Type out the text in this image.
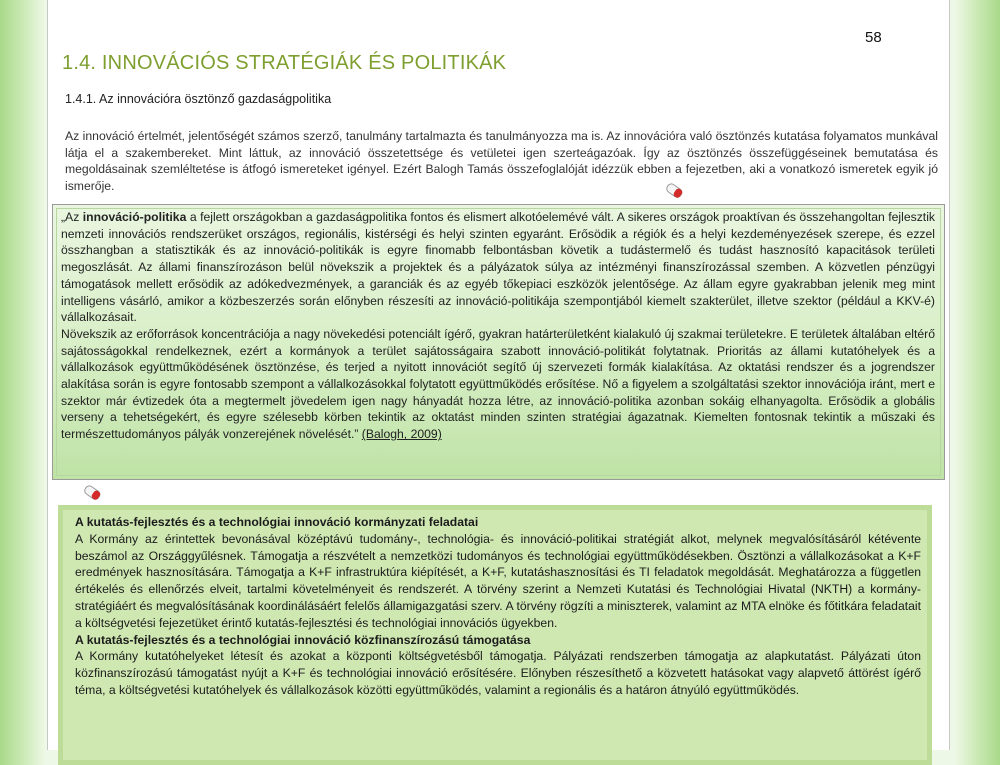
58
1.4. INNOVÁCIÓS STRATÉGIÁK ÉS POLITIKÁK
1.4.1. Az innovációra ösztönző gazdaságpolitika

Az innováció értelmét, jelentőségét számos szerző, tanulmány tartalmazta és tanulmányozza ma is. Az innovációra való ösztönzés kutatása folyamatos munkával látja el a szakembereket. Mint láttuk, az innováció összetettsége és vetületei igen szerteágazóak. Így az ösztönzés összefüggéseinek bemutatása és megoldásainak szemléltetése is átfogó ismereteket igényel. Ezért Balogh Tamás összefoglalóját idézzük ebben a fejezetben, aki a vonatkozó ismeretek egyik jó ismerője.

„Az innováció-politika a fejlett országokban a gazdaságpolitika fontos és elismert alkotóelemévé vált. A sikeres országok proaktívan és összehangoltan fejlesztik nemzeti innovációs rendszerüket országos, regionális, kistérségi és helyi szinten egyaránt. Erősödik a régiók és a helyi kezdeményezések szerepe, és ezzel összhangban a statisztikák és az innováció-politikák is egyre finomabb felbontásban követik a tudástermelő és tudást hasznosító kapacitások területi megoszlását. Az állami finanszírozáson belül növekszik a projektek és a pályázatok súlya az intézményi finanszírozással szemben. A közvetlen pénzügyi támogatások mellett erősödik az adókedvezmények, a garanciák és az egyéb tőkepiaci eszközök jelentősége. Az állam egyre gyakrabban jelenik meg mint intelligens vásárló, amikor a közbeszerzés során előnyben részesíti az innováció-politikája szempontjából kiemelt szakterület, illetve szektor (például a KKV-é) vállalkozásait.

Növekszik az erőforrások koncentrációja a nagy növekedési potenciált ígérő, gyakran határterületként kialakuló új szakmai területekre. E területek általában eltérő sajátosságokkal rendelkeznek, ezért a kormányok a terület sajátosságaira szabott innováció-politikát folytatnak. Prioritás az állami kutatóhelyek és a vállalkozások együttműködésének ösztönzése, és terjed a nyitott innovációt segítő új szervezeti formák kialakítása. Az oktatási rendszer és a jogrendszer alakítása során is egyre fontosabb szempont a vállalkozásokkal folytatott együttműködés erősítése. Nő a figyelem a szolgáltatási szektor innovációja iránt, mert e szektor már évtizedek óta a megtermelt jövedelem igen nagy hányadát hozza létre, az innováció-politika azonban sokáig elhanyagolta. Erősödik a globális verseny a tehetségekért, és egyre szélesebb körben tekintik az oktatást minden szinten stratégiai ágazatnak. Kiemelten fontosnak tekintik a műszaki és természettudományos pályák vonzerejének növelését.” (Balogh, 2009)

A kutatás-fejlesztés és a technológiai innováció kormányzati feladatai

A Kormány az érintettek bevonásával középtávú tudomány-, technológia- és innováció-politikai stratégiát alkot, melynek megvalósításáról kétévente beszámol az Országgyűlésnek. Támogatja a részvételt a nemzetközi tudományos és technológiai együttműködésekben. Ösztönzi a vállalkozásokat a K+F eredmények hasznosítására. Támogatja a K+F infrastruktúra kiépítését, a K+F, kutatáshasznosítási és TI feladatok megoldását. Meghatározza a független értékelés és ellenőrzés elveit, tartalmi követelményeit és rendszerét. A törvény szerint a Nemzeti Kutatási és Technológiai Hivatal (NKTH) a kormány-stratégiáért és megvalósításának koordinálásáért felelős államigazgatási szerv. A törvény rögzíti a miniszterek, valamint az MTA elnöke és főtitkára feladatait a költségvetési fejezetüket érintő kutatás-fejlesztési és technológiai innovációs ügyekben.

A kutatás-fejlesztés és a technológiai innováció közfinanszírozású támogatása

A Kormány kutatóhelyeket létesít és azokat a központi költségvetésből támogatja. Pályázati rendszerben támogatja az alapkutatást. Pályázati úton közfinanszírozású támogatást nyújt a K+F és technológiai innováció erősítésére. Előnyben részesíthető a közvetett hatásokat vagy alapvető áttörést ígérő téma, a költségvetési kutatóhelyek és vállalkozások közötti együttműködés, valamint a regionális és a határon átnyúló együttműködés.
